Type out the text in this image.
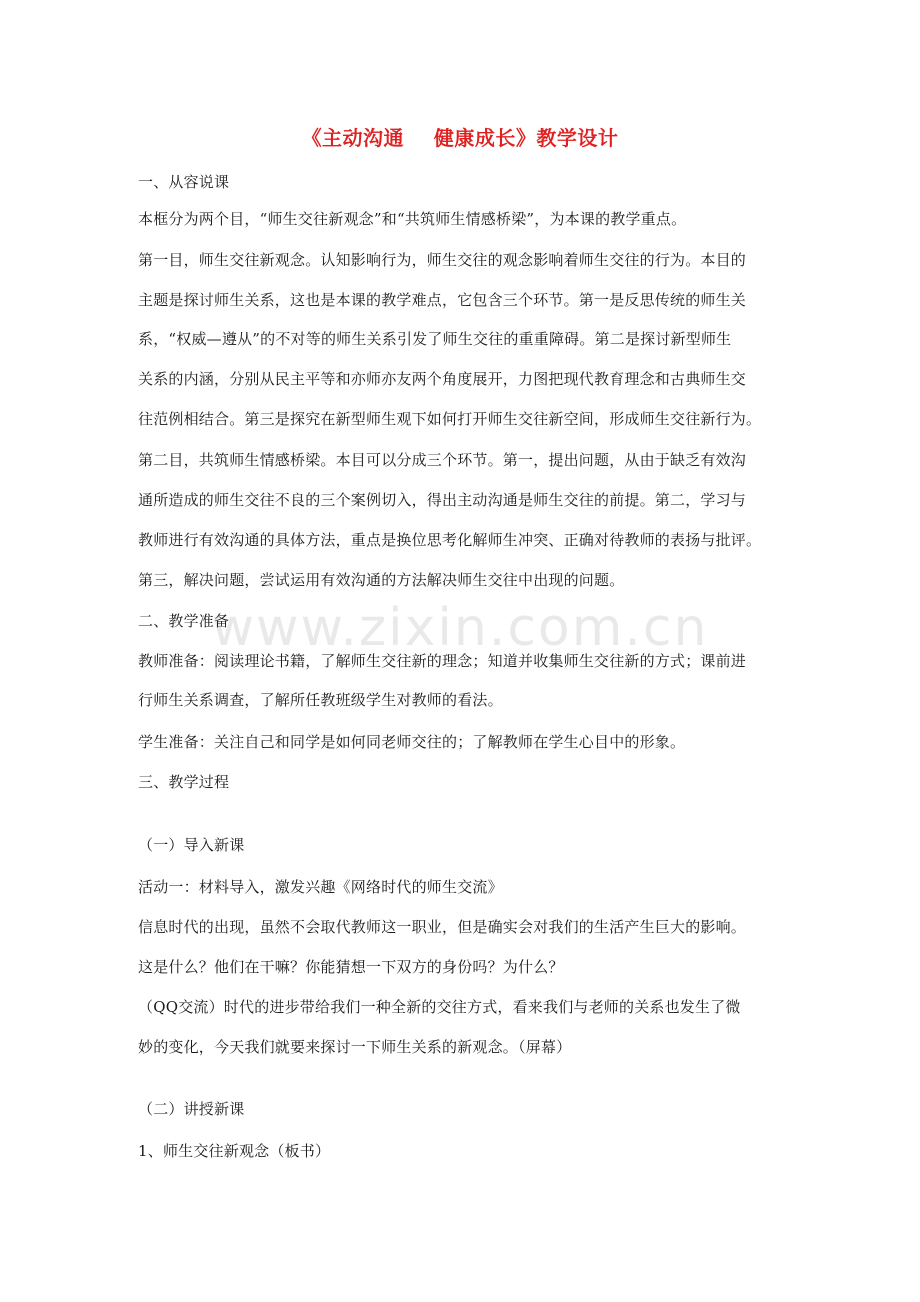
www.zixin.com.cn
《主动沟通    健康成长》教学设计
一、从容说课
本框分为两个目，“师生交往新观念”和“共筑师生情感桥梁”，为本课的教学重点。
第一目，师生交往新观念。认知影响行为，师生交往的观念影响着师生交往的行为。本目的
主题是探讨师生关系，这也是本课的教学难点，它包含三个环节。第一是反思传统的师生关
系，“权威—遵从”的不对等的师生关系引发了师生交往的重重障碍。第二是探讨新型师生
关系的内涵，分别从民主平等和亦师亦友两个角度展开，力图把现代教育理念和古典师生交
往范例相结合。第三是探究在新型师生观下如何打开师生交往新空间，形成师生交往新行为。
第二目，共筑师生情感桥梁。本目可以分成三个环节。第一，提出问题，从由于缺乏有效沟
通所造成的师生交往不良的三个案例切入，得出主动沟通是师生交往的前提。第二，学习与
教师进行有效沟通的具体方法，重点是换位思考化解师生冲突、正确对待教师的表扬与批评。
第三，解决问题，尝试运用有效沟通的方法解决师生交往中出现的问题。
二、教学准备
教师准备：阅读理论书籍，了解师生交往新的理念；知道并收集师生交往新的方式；课前进
行师生关系调查，了解所任教班级学生对教师的看法。
学生准备：关注自己和同学是如何同老师交往的；了解教师在学生心目中的形象。
三、教学过程
（一）导入新课
活动一：材料导入，激发兴趣《网络时代的师生交流》
信息时代的出现，虽然不会取代教师这一职业，但是确实会对我们的生活产生巨大的影响。
这是什么？他们在干嘛？你能猜想一下双方的身份吗？为什么？
（QQ交流）时代的进步带给我们一种全新的交往方式，看来我们与老师的关系也发生了微
妙的变化，今天我们就要来探讨一下师生关系的新观念。（屏幕）
（二）讲授新课
1、师生交往新观念（板书）
